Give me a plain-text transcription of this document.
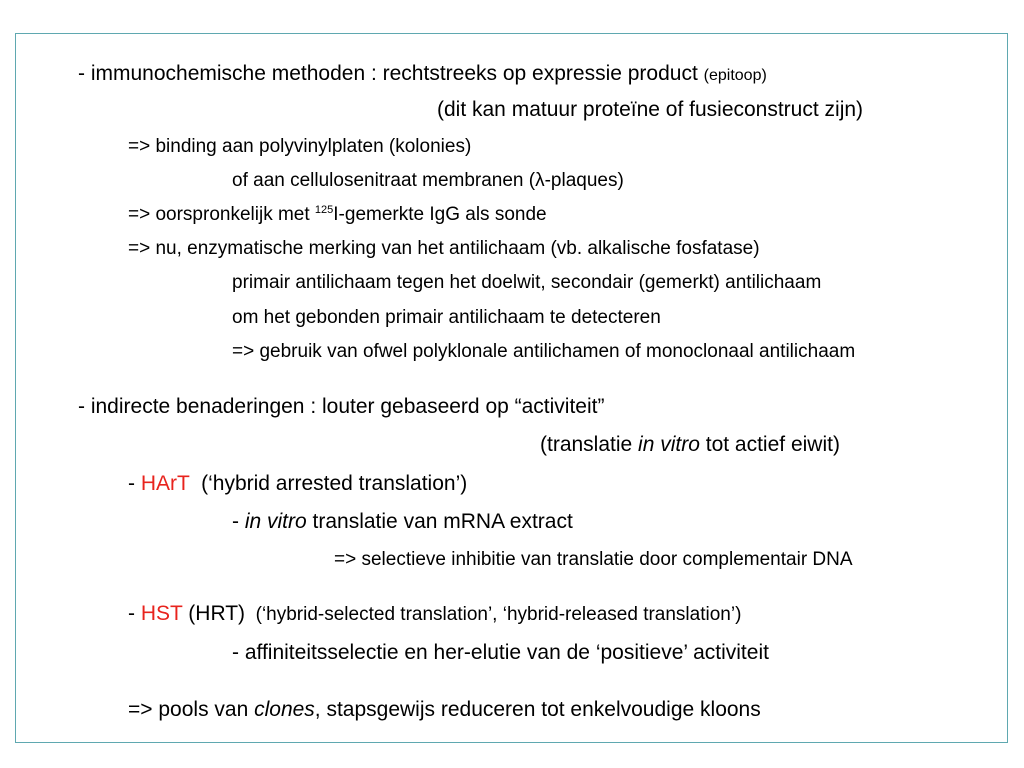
- immunochemische methoden : rechtstreeks op expressie product (epitoop)
(dit kan matuur proteïne of fusieconstruct zijn)
=> binding aan polyvinylplaten (kolonies)
of aan cellulosenitraat membranen (λ-plaques)
=> oorspronkelijk met $^{125}$I-gemerkte IgG als sonde
=> nu, enzymatische merking van het antilichaam (vb. alkalische fosfatase)
primair antilichaam tegen het doelwit, secondair (gemerkt) antilichaam
om het gebonden primair antilichaam te detecteren
=> gebruik van ofwel polyklonale antilichamen of monoclonaal antilichaam
- indirecte benaderingen : louter gebaseerd op “activiteit”
(translatie in vitro tot actief eiwit)
- HArT  (‘hybrid arrested translation’)
- in vitro translatie van mRNA extract
=> selectieve inhibitie van translatie door complementair DNA
- HST (HRT)  (‘hybrid-selected translation’, ‘hybrid-released translation’)
- affiniteitsselectie en her-elutie van de ‘positieve’ activiteit
=> pools van clones, stapsgewijs reduceren tot enkelvoudige kloons
